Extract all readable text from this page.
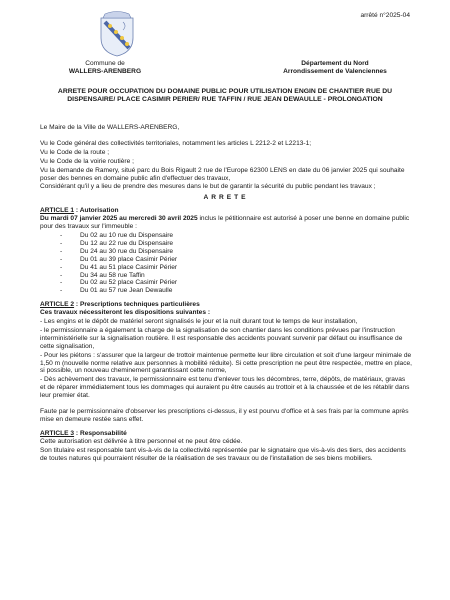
arrêté n°2025-04
Commune de
WALLERS-ARENBERG
Département du Nord
Arrondissement de Valenciennes
ARRETE POUR OCCUPATION DU DOMAINE PUBLIC POUR UTILISATION ENGIN DE CHANTIER RUE DU
DISPENSAIRE/ PLACE CASIMIR PERIER/ RUE TAFFIN / RUE JEAN DEWAULLE - PROLONGATION

Le Maire de la Ville de WALLERS-ARENBERG,

Vu le Code général des collectivités territoriales, notamment les articles L 2212-2 et L2213-1;

Vu le Code de la route ;

Vu le Code de la voirie routière ;

Vu la demande de Ramery, situé parc du Bois Rigault 2 rue de l'Europe 62300 LENS en date du 06 janvier 2025 qui souhaite poser des bennes en domaine public afin d'effectuer des travaux,

Considérant qu'il y a lieu de prendre des mesures dans le but de garantir la sécurité du public pendant les travaux ;

ARRETE
ARTICLE 1 : Autorisation

Du mardi 07 janvier 2025 au mercredi 30 avril 2025 inclus le pétitionnaire est autorisé à poser une benne en domaine public pour des travaux sur l'immeuble :

- Du 02 au 10 rue du Dispensaire
- Du 12 au 22 rue du Dispensaire
- Du 24 au 30 rue du Dispensaire
- Du 01 au 39 place Casimir Périer
- Du 41 au 51 place Casimir Périer
- Du 34 au 58 rue Taffin
- Du 02 au 52 place Casimir Périer
- Du 01 au 57 rue Jean Dewaulle
ARTICLE 2 : Prescriptions techniques particulières

Ces travaux nécessiteront les dispositions suivantes :

- Les engins et le dépôt de matériel seront signalisés le jour et la nuit durant tout le temps de leur installation,

- le permissionnaire a également la charge de la signalisation de son chantier dans les conditions prévues par l'instruction interministérielle sur la signalisation routière. Il est responsable des accidents pouvant survenir par défaut ou insuffisance de cette signalisation,

- Pour les piétons : s'assurer que la largeur de trottoir maintenue permette leur libre circulation et soit d'une largeur minimale de 1,50 m (nouvelle norme relative aux personnes à mobilité réduite). Si cette prescription ne peut être respectée, mettre en place, si possible, un nouveau cheminement garantissant cette norme,

- Dès achèvement des travaux, le permissionnaire est tenu d'enlever tous les décombres, terre, dépôts, de matériaux, gravas et de réparer immédiatement tous les dommages qui auraient pu être causés au trottoir et à la chaussée et de les rétablir dans leur premier état.

Faute par le permissionnaire d'observer les prescriptions ci-dessus, il y est pourvu d'office et à ses frais par la commune après mise en demeure restée sans effet.

ARTICLE 3 : Responsabilité

Cette autorisation est délivrée à titre personnel et ne peut être cédée.

Son titulaire est responsable tant vis-à-vis de la collectivité représentée par le signataire que vis-à-vis des tiers, des accidents de toutes natures qui pourraient résulter de la réalisation de ses travaux ou de l'installation de ses biens mobiliers.
